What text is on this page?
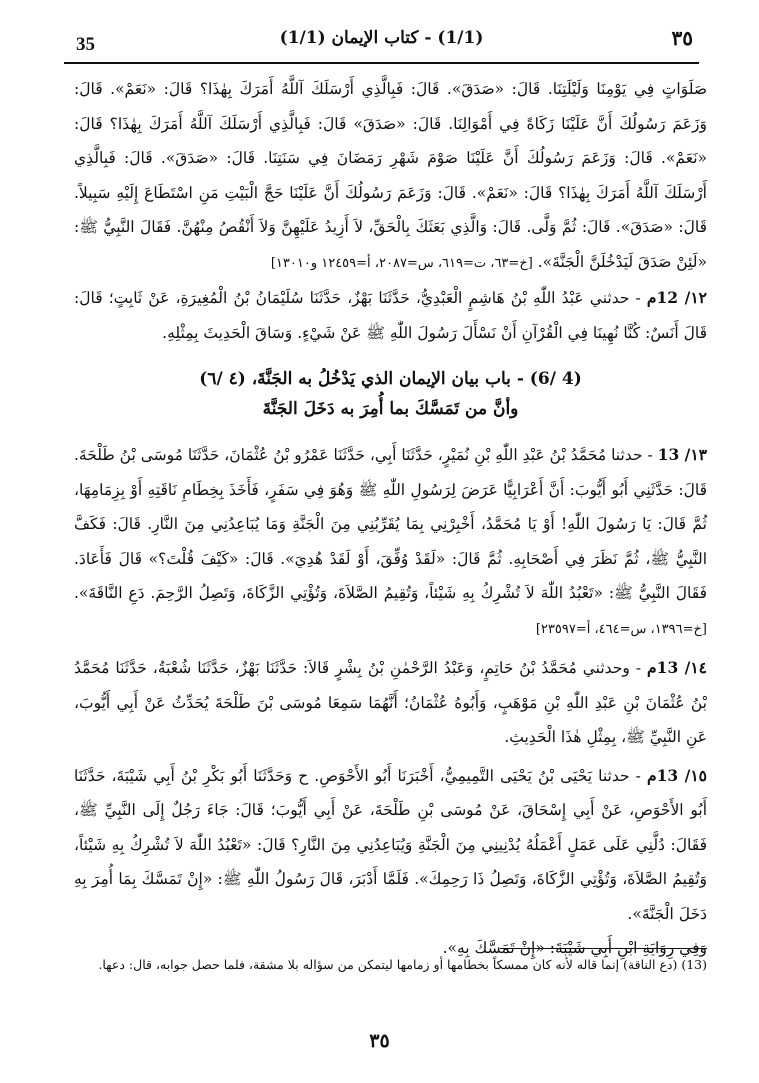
35	(1/1) - كتاب الإيمان (1/1)	٣٥

صَلَوَاتٍ فِي يَوْمِنَا وَلَيْلَتِنَا. قَالَ: «صَدَقَ». قَالَ: فَبِالَّذِي أَرْسَلَكَ آللَّهُ أَمَرَكَ بِهٰذَا؟ قَالَ: «نَعَمْ». قَالَ: وَزَعَمَ رَسُولُكَ أَنَّ عَلَيْنَا زَكَاةً فِي أَمْوَالِنَا. قَالَ: «صَدَقَ» قَالَ: فَبِالَّذِي أَرْسَلَكَ آللَّهُ أَمَرَكَ بِهٰذَا؟ قَالَ: «نَعَمْ». قَالَ: وَزَعَمَ رَسُولُكَ أَنَّ عَلَيْنَا صَوْمَ شَهْرِ رَمَضَانَ فِي سَنَتِنَا. قَالَ: «صَدَقَ». قَالَ: فَبِالَّذِي أَرْسَلَكَ آللَّهُ أَمَرَكَ بِهٰذَا؟ قَالَ: «نَعَمْ». قَالَ: وَزَعَمَ رَسُولُكَ أَنَّ عَلَيْنَا حَجَّ الْبَيْتِ مَنِ اسْتَطَاعَ إِلَيْهِ سَبِيلاً. قَالَ: «صَدَقَ». قَالَ: ثُمَّ وَلَّى. قَالَ: وَالَّذِي بَعَثَكَ بِالْحَقِّ، لاَ أَزِيدُ عَلَيْهِنَّ وَلاَ أَنْقُصُ مِنْهُنَّ. فَقَالَ النَّبِيُّ ﷺ: «لَئِنْ صَدَقَ لَيَدْخُلَنَّ الْجَنَّةَ». [خ=٦٣، ت=٦١٩، س=٢٠٨٧، أ=١٢٤٥٩ و١٣٠١٠]

١٢/ 12م - حدثني عَبْدُ اللّٰهِ بْنُ هَاشِمٍ الْعَبْدِيُّ، حَدَّثَنَا بَهْزٌ، حَدَّثَنَا سُلَيْمَانُ بْنُ الْمُغِيرَةِ، عَنْ ثَابِتٍ؛ قَالَ: قَالَ أَنَسٌ: كُنَّا نُهِينَا فِي الْقُرْآنِ أَنْ نَسْأَلَ رَسُولَ اللّٰهِ ﷺ عَنْ شَيْءٍ. وَسَاقَ الْحَدِيثَ بِمِثْلِهِ.

(4 /6) - باب بيان الإيمان الذي يَدْخُلُ به الجَنَّةَ، (٤ /٦)
وأنَّ من تَمَسَّكَ بما أُمِرَ به دَخَلَ الجَنَّةَ

١٣/ 13 - حدثنا مُحَمَّدُ بْنُ عَبْدِ اللّٰهِ بْنِ نُمَيْرٍ، حَدَّثَنَا أَبِي، حَدَّثَنَا عَمْرُو بْنُ عُثْمَانَ، حَدَّثَنَا مُوسَى بْنُ طَلْحَةَ. قَالَ: حَدَّثَنِي أَبُو أَيُّوبَ: أَنَّ أَعْرَابِيًّا عَرَضَ لِرَسُولِ اللّٰهِ ﷺ وَهُوَ فِي سَفَرٍ، فَأَخَذَ بِخِطَامِ نَاقَتِهِ أَوْ بِزِمَامِهَا، ثُمَّ قَالَ: يَا رَسُولَ اللّٰهِ! أَوْ يَا مُحَمَّدُ، أَخْبِرْنِي بِمَا يُقَرِّبُنِي مِنَ الْجَنَّةِ وَمَا يُبَاعِدُنِي مِنَ النَّارِ. قَالَ: فَكَفَّ النَّبِيُّ ﷺ، ثُمَّ نَظَرَ فِي أَصْحَابِهِ. ثُمَّ قَالَ: «لَقَدْ وُفِّقَ، أَوْ لَقَدْ هُدِيَ». قَالَ: «كَيْفَ قُلْتَ؟» قَالَ فَأَعَادَ. فَقَالَ النَّبِيُّ ﷺ: «تَعْبُدُ اللّٰهَ لاَ تُشْرِكُ بِهِ شَيْئاً، وَتُقِيمُ الصَّلاَةَ، وَتُؤْتِي الزَّكَاةَ، وَتَصِلُ الرَّحِمَ. دَعِ النَّاقَةَ». [خ=١٣٩٦، س=٤٦٤، أ=٢٣٥٩٧]

١٤/ 13م - وحدثني مُحَمَّدُ بْنُ حَاتِمٍ، وَعَبْدُ الرَّحْمٰنِ بْنُ بِشْرٍ قَالاَ: حَدَّثَنَا بَهْزٌ، حَدَّثَنَا شُعْبَةُ، حَدَّثَنَا مُحَمَّدُ بْنُ عُثْمَانَ بْنِ عَبْدِ اللّٰهِ بْنِ مَوْهَبٍ، وَأَبُوهُ عُثْمَانُ؛ أَنَّهُمَا سَمِعَا مُوسَى بْنَ طَلْحَةَ يُحَدِّثُ عَنْ أَبِي أَيُّوبَ، عَنِ النَّبِيِّ ﷺ، بِمِثْلِ هٰذَا الْحَدِيثِ.

١٥/ 13م - حدثنا يَحْيَى بْنُ يَحْيَى التَّمِيمِيُّ، أَخْبَرَنَا أَبُو الأَحْوَصِ. ح وَحَدَّثَنَا أَبُو بَكْرِ بْنُ أَبِي شَيْبَةَ، حَدَّثَنَا أَبُو الأَحْوَصِ، عَنْ أَبِي إِسْحَاقَ، عَنْ مُوسَى بْنِ طَلْحَةَ، عَنْ أَبِي أَيُّوبَ؛ قَالَ: جَاءَ رَجُلٌ إِلَى النَّبِيِّ ﷺ، فَقَالَ: دُلَّنِي عَلَى عَمَلٍ أَعْمَلُهُ يُدْنِينِي مِنَ الْجَنَّةِ وَيُبَاعِدُنِي مِنَ النَّارِ؟ قَالَ: «تَعْبُدُ اللّٰهَ لاَ تُشْرِكُ بِهِ شَيْئاً، وَتُقِيمُ الصَّلاَةَ، وَتُؤْتِي الزَّكَاةَ، وَتَصِلُ ذَا رَحِمِكَ». فَلَمَّا أَدْبَرَ، قَالَ رَسُولُ اللّٰهِ ﷺ: «إِنْ تَمَسَّكَ بِمَا أُمِرَ بِهِ دَخَلَ الْجَنَّةَ».

وَفِي رِوَايَةِ ابْنِ أَبِي شَيْبَةَ: «إِنْ تَمَسَّكَ بِهِ».

(13) (دع الناقة) إنما قاله لأنه كان ممسكاً بخطامها أو زمامها ليتمكن من سؤاله بلا مشقة، فلما حصل جوابه، قال: دعها.
٣٥
